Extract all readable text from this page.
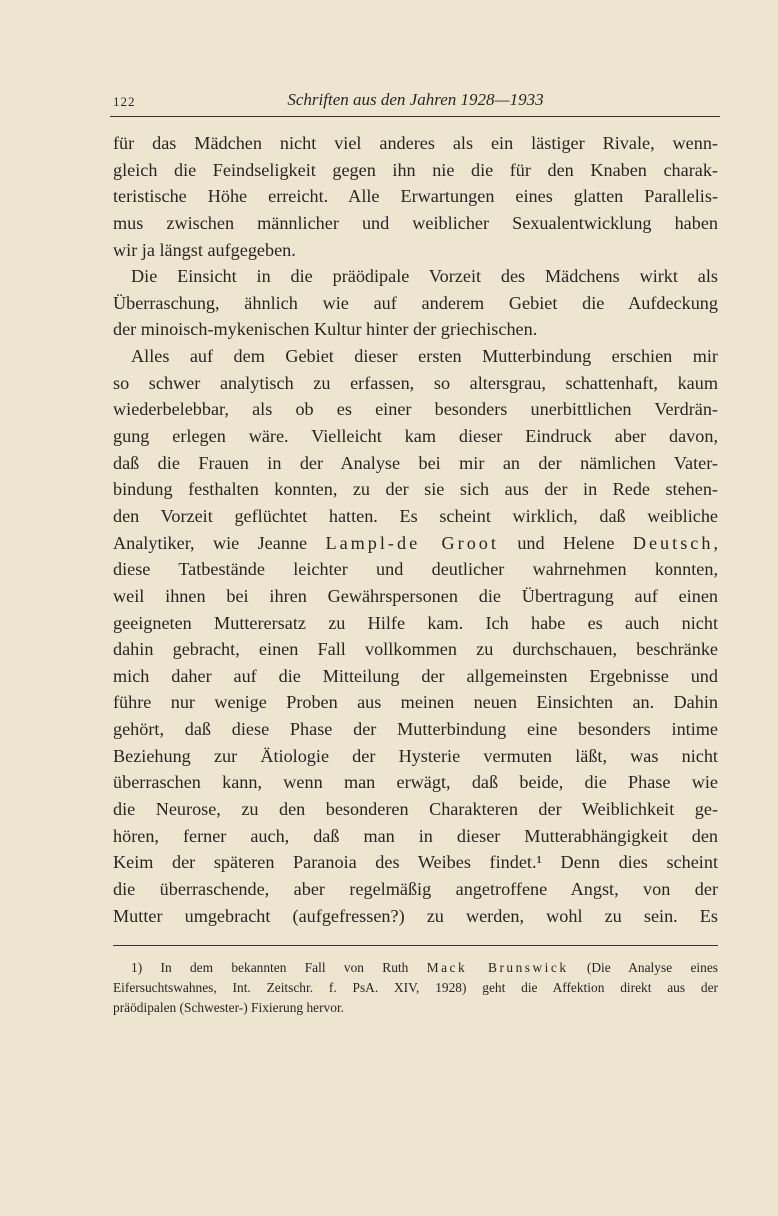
122	Schriften aus den Jahren 1928—1933
für das Mädchen nicht viel anderes als ein lästiger Rivale, wenn-
gleich die Feindseligkeit gegen ihn nie die für den Knaben charak-
teristische Höhe erreicht. Alle Erwartungen eines glatten Parallelis-
mus zwischen männlicher und weiblicher Sexualentwicklung haben
wir ja längst aufgegeben.
Die Einsicht in die präödipale Vorzeit des Mädchens wirkt als
Überraschung, ähnlich wie auf anderem Gebiet die Aufdeckung
der minoisch-mykenischen Kultur hinter der griechischen.
Alles auf dem Gebiet dieser ersten Mutterbindung erschien mir
so schwer analytisch zu erfassen, so altersgrau, schattenhaft, kaum
wiederbelebbar, als ob es einer besonders unerbittlichen Verdrän-
gung erlegen wäre. Vielleicht kam dieser Eindruck aber davon,
daß die Frauen in der Analyse bei mir an der nämlichen Vater-
bindung festhalten konnten, zu der sie sich aus der in Rede stehen-
den Vorzeit geflüchtet hatten. Es scheint wirklich, daß weibliche
Analytiker, wie Jeanne Lampl-de Groot und Helene Deutsch,
diese Tatbestände leichter und deutlicher wahrnehmen konnten,
weil ihnen bei ihren Gewährspersonen die Übertragung auf einen
geeigneten Mutterersatz zu Hilfe kam. Ich habe es auch nicht
dahin gebracht, einen Fall vollkommen zu durchschauen, beschränke
mich daher auf die Mitteilung der allgemeinsten Ergebnisse und
führe nur wenige Proben aus meinen neuen Einsichten an. Dahin
gehört, daß diese Phase der Mutterbindung eine besonders intime
Beziehung zur Ätiologie der Hysterie vermuten läßt, was nicht
überraschen kann, wenn man erwägt, daß beide, die Phase wie
die Neurose, zu den besonderen Charakteren der Weiblichkeit ge-
hören, ferner auch, daß man in dieser Mutterabhängigkeit den
Keim der späteren Paranoia des Weibes findet.¹ Denn dies scheint
die überraschende, aber regelmäßig angetroffene Angst, von der
Mutter umgebracht (aufgefressen?) zu werden, wohl zu sein. Es
1) In dem bekannten Fall von Ruth Mack Brunswick (Die Analyse eines
Eifersuchtswahnes, Int. Zeitschr. f. PsA. XIV, 1928) geht die Affektion direkt aus der
präödipalen (Schwester-) Fixierung hervor.
